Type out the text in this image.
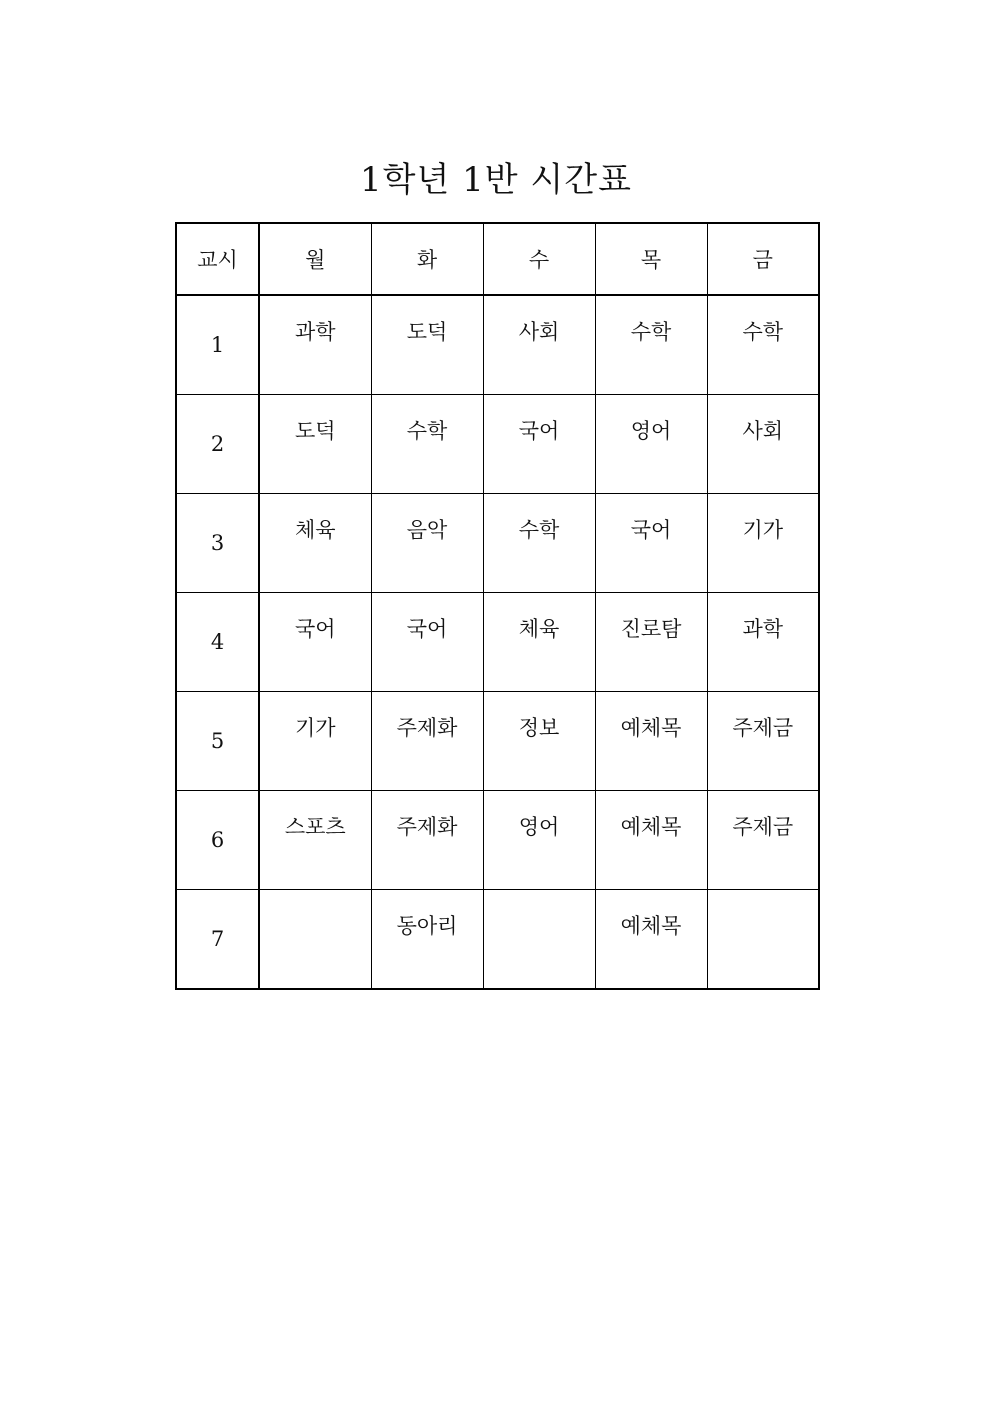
1학년 1반 시간표
교시	월	화	수	목	금
1	과학	도덕	사회	수학	수학
2	도덕	수학	국어	영어	사회
3	체육	음악	수학	국어	기가
4	국어	국어	체육	진로탐	과학
5	기가	주제화	정보	예체목	주제금
6	스포츠	주제화	영어	예체목	주제금
7		동아리		예체목	
